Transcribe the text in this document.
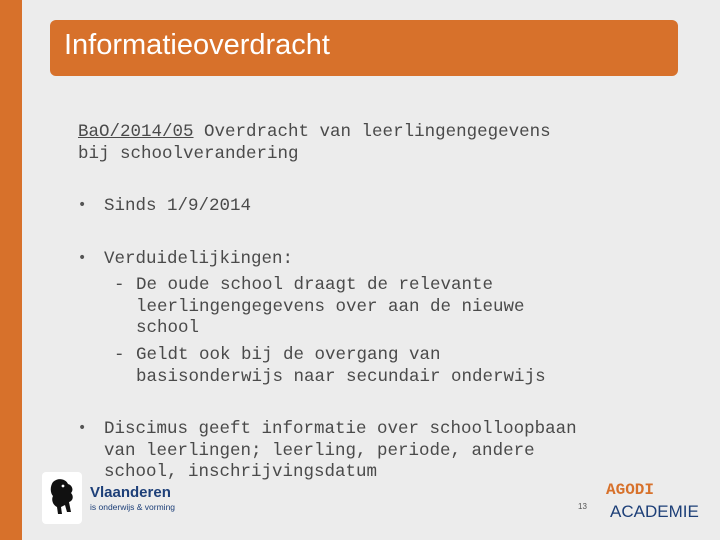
Informatieoverdracht
BaO/2014/05 Overdracht van leerlingengegevens
bij schoolverandering
• Sinds 1/9/2014
• Verduidelijkingen:
- De oude school draagt de relevante
leerlingengegevens over aan de nieuwe
school
- Geldt ook bij de overgang van
basisonderwijs naar secundair onderwijs
• Discimus geeft informatie over schoolloopbaan
van leerlingen; leerling, periode, andere
school, inschrijvingsdatum
Vlaanderen
is onderwijs & vorming	13
AGODI
ACADEMIE
